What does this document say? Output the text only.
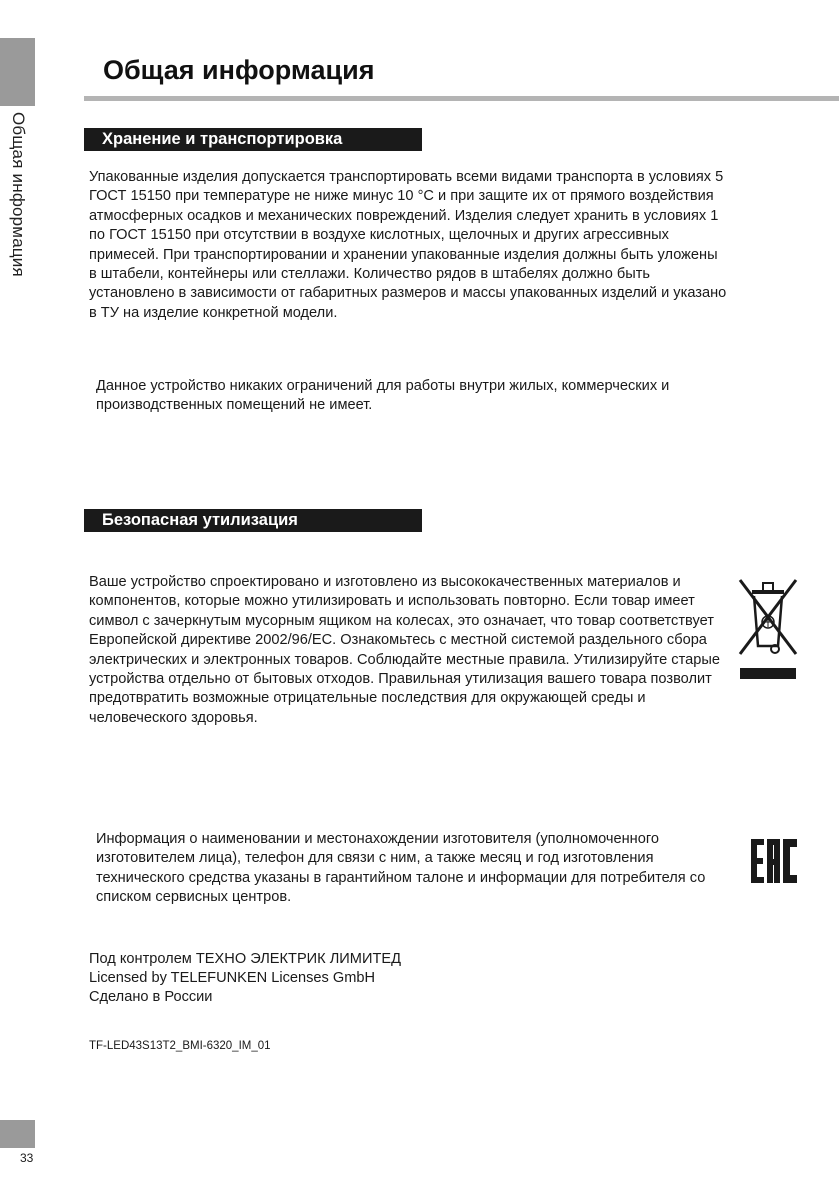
Общая информация
Общая информация
Хранение и транспортировка

Упакованные изделия допускается транспортировать всеми видами транспорта в условиях 5 ГОСТ 15150 при температуре не ниже минус 10 °С и при защите их от прямого воздействия атмосферных осадков и механических повреждений. Изделия следует хранить в условиях 1 по ГОСТ 15150 при отсутствии в воздухе кислотных, щелочных и других агрессивных примесей. При транспортировании и хранении упакованные изделия должны быть уложены в штабели, контейнеры или стеллажи. Количество рядов в штабелях должно быть установлено в зависимости от габаритных размеров и массы упакованных изделий и указано в ТУ на изделие конкретной модели.

Данное устройство никаких ограничений для работы внутри жилых, коммерческих и производственных помещений не имеет.

Безопасная утилизация

Ваше устройство спроектировано и изготовлено из высококачественных материалов и компонентов, которые можно утилизировать и использовать повторно. Если товар имеет символ с зачеркнутым мусорным ящиком на колесах, это означает, что товар соответствует Европейской директиве 2002/96/ЕС. Ознакомьтесь с местной системой раздельного сбора электрических и электронных товаров. Соблюдайте местные правила. Утилизируйте старые устройства отдельно от бытовых отходов. Правильная утилизация вашего товара позволит предотвратить возможные отрицательные последствия для окружающей среды и человеческого здоровья.

Информация о наименовании и местонахождении изготовителя (уполномоченного изготовителем лица), телефон для связи с ним, а также месяц и год изготовления технического средства указаны в гарантийном талоне и информации для потребителя со списком сервисных центров.

EAC

Под контролем ТЕХНО ЭЛЕКТРИК ЛИМИТЕД

Licensed by TELEFUNKEN Licenses GmbH

Сделано в России

TF-LED43S13T2_BMI-6320_IM_01

33
